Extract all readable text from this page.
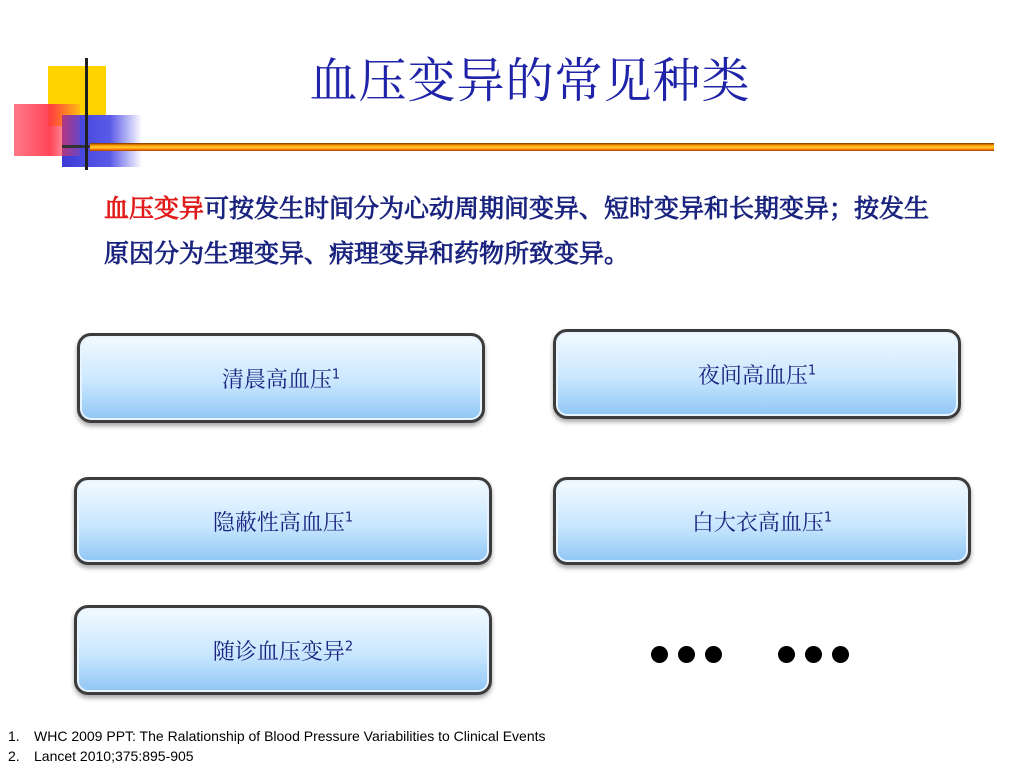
血压变异的常见种类
血压变异可按发生时间分为心动周期间变异、短时变异和长期变异；按发生原因分为生理变异、病理变异和药物所致变异。
清晨高血压$^1$	夜间高血压$^1$
隐蔽性高血压$^1$	白大衣高血压$^1$
随诊血压变异$^2$
1. WHC 2009 PPT: The Ralationship of Blood Pressure Variabilities to Clinical Events
2. Lancet 2010;375:895-905
